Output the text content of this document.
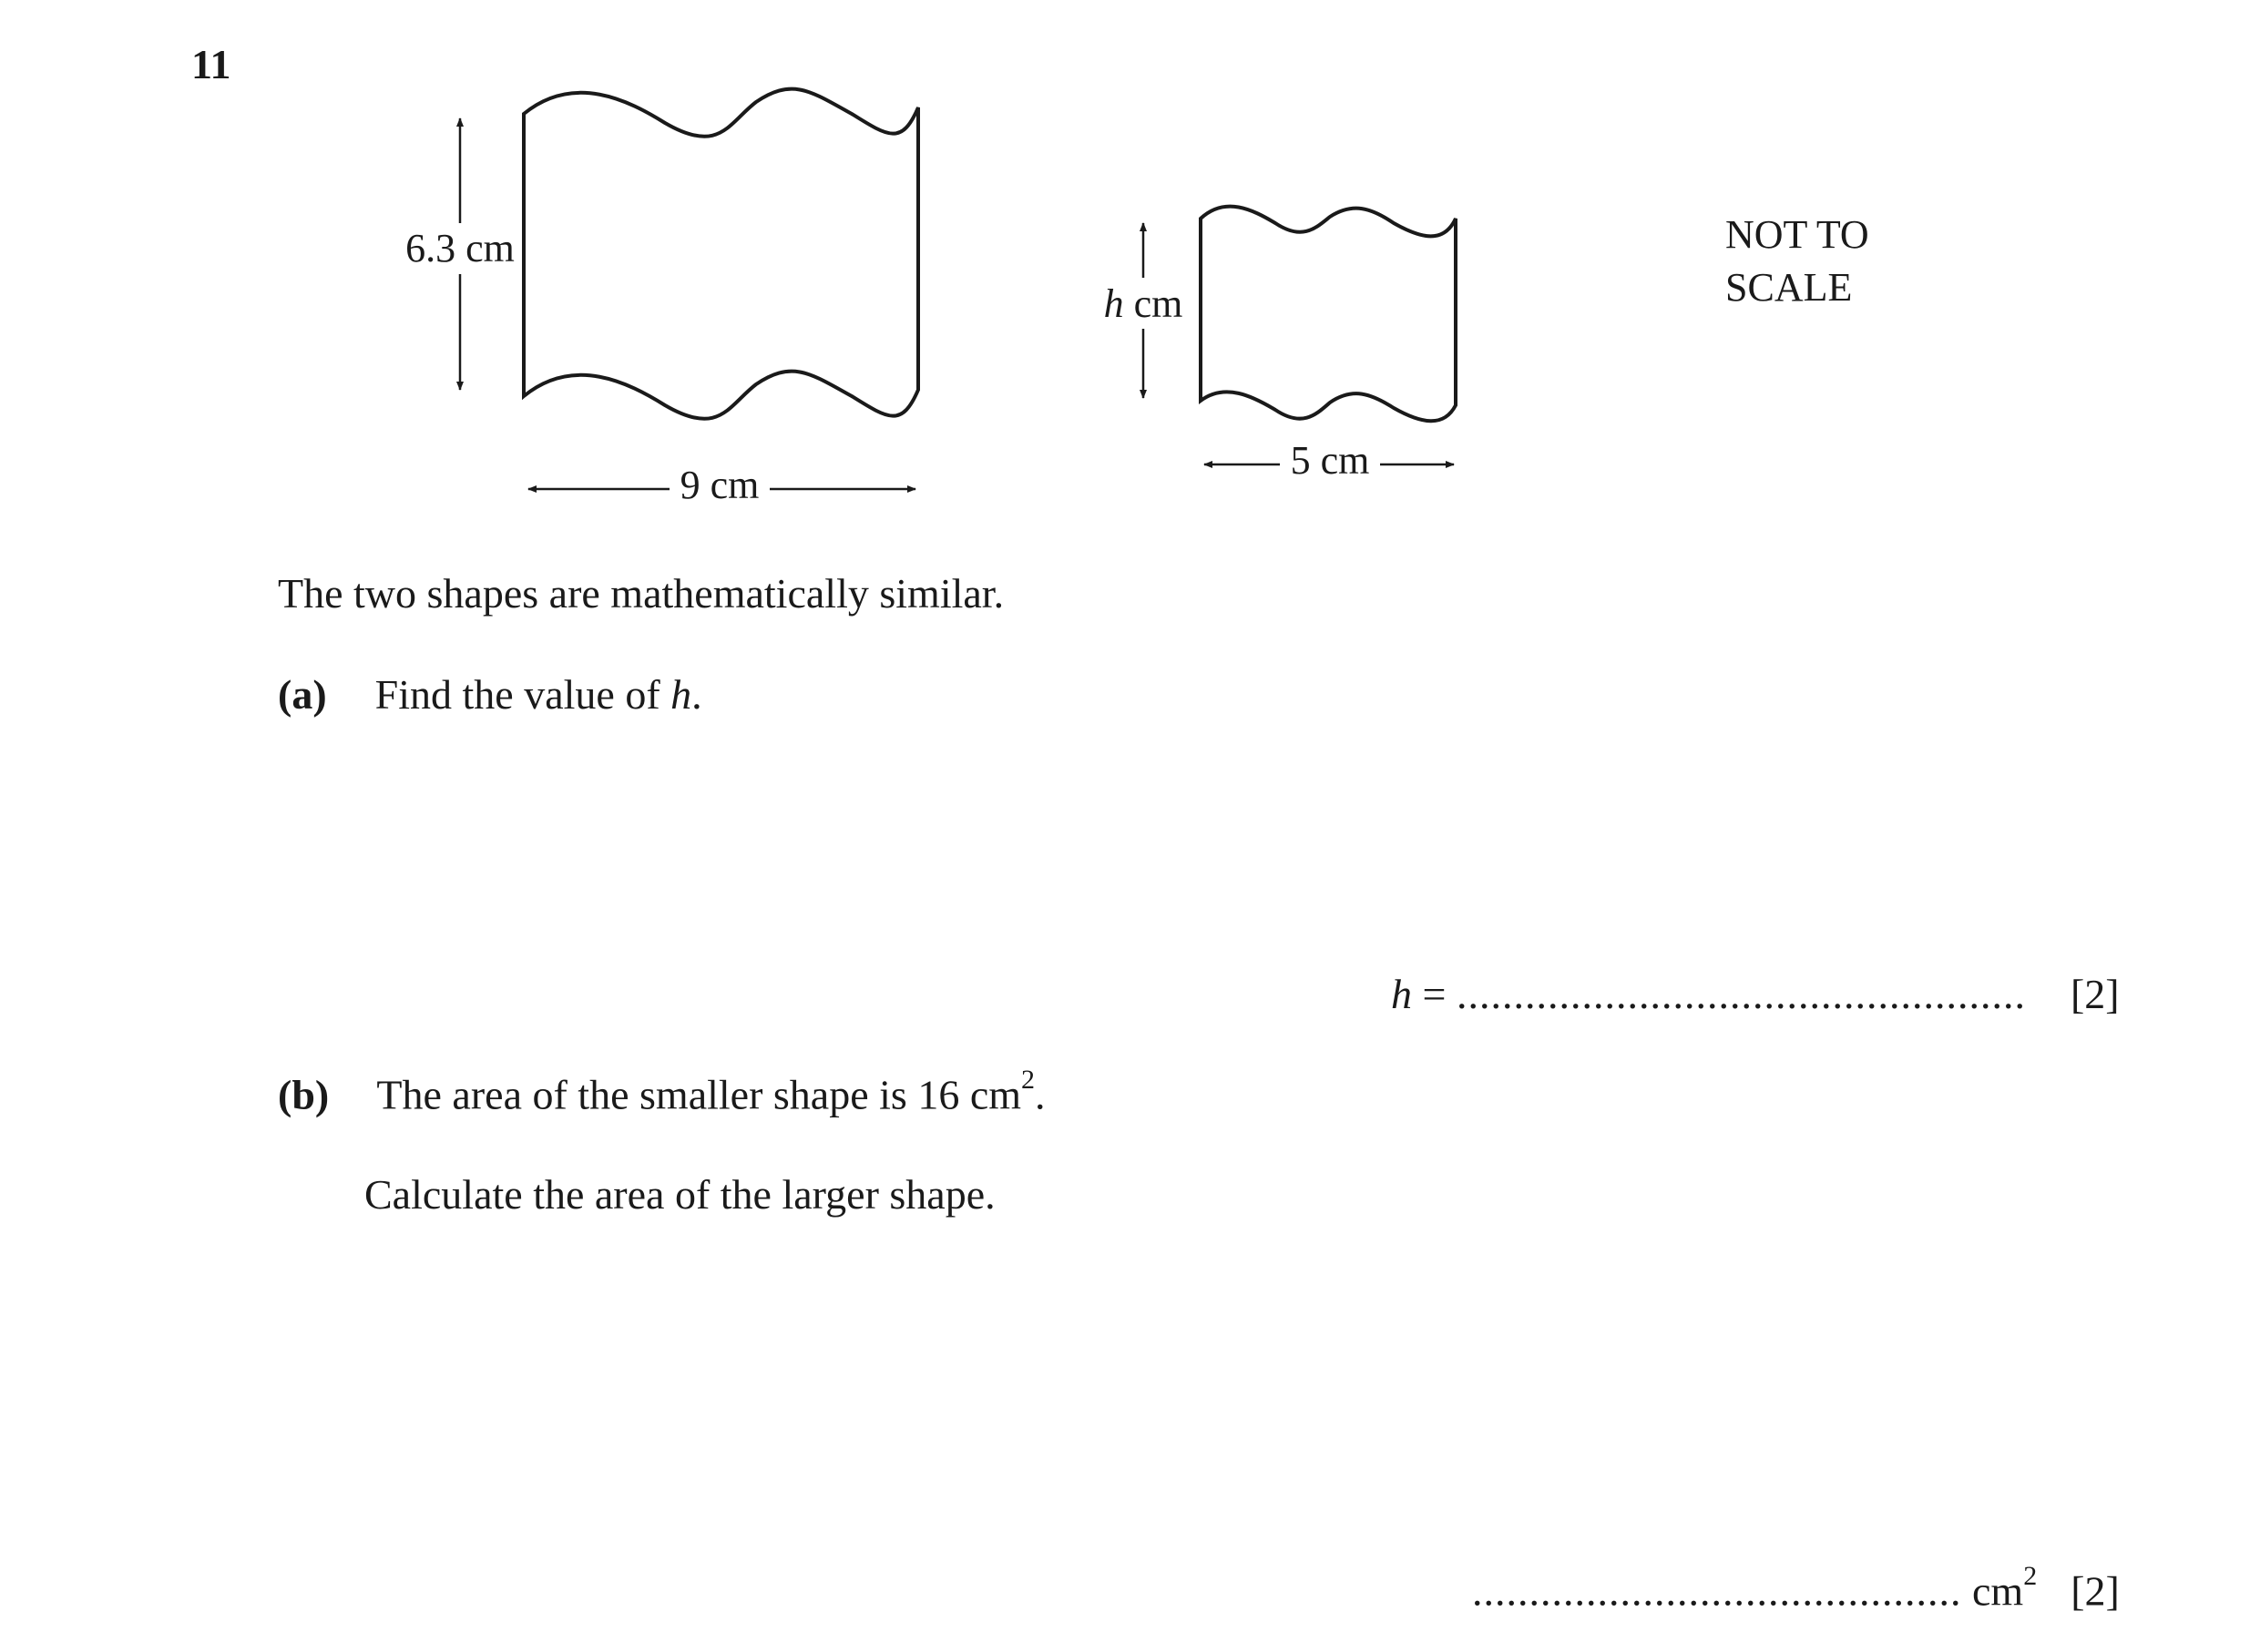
11
6.3 cm
9 cm
h cm
5 cm
NOT TO
SCALE
The two shapes are mathematically similar.
(a) Find the value of h.
h = .................................................. [2]
(b) The area of the smaller shape is 16 $cm^2$.
Calculate the area of the larger shape.
........................................... $cm^2$ [2]
